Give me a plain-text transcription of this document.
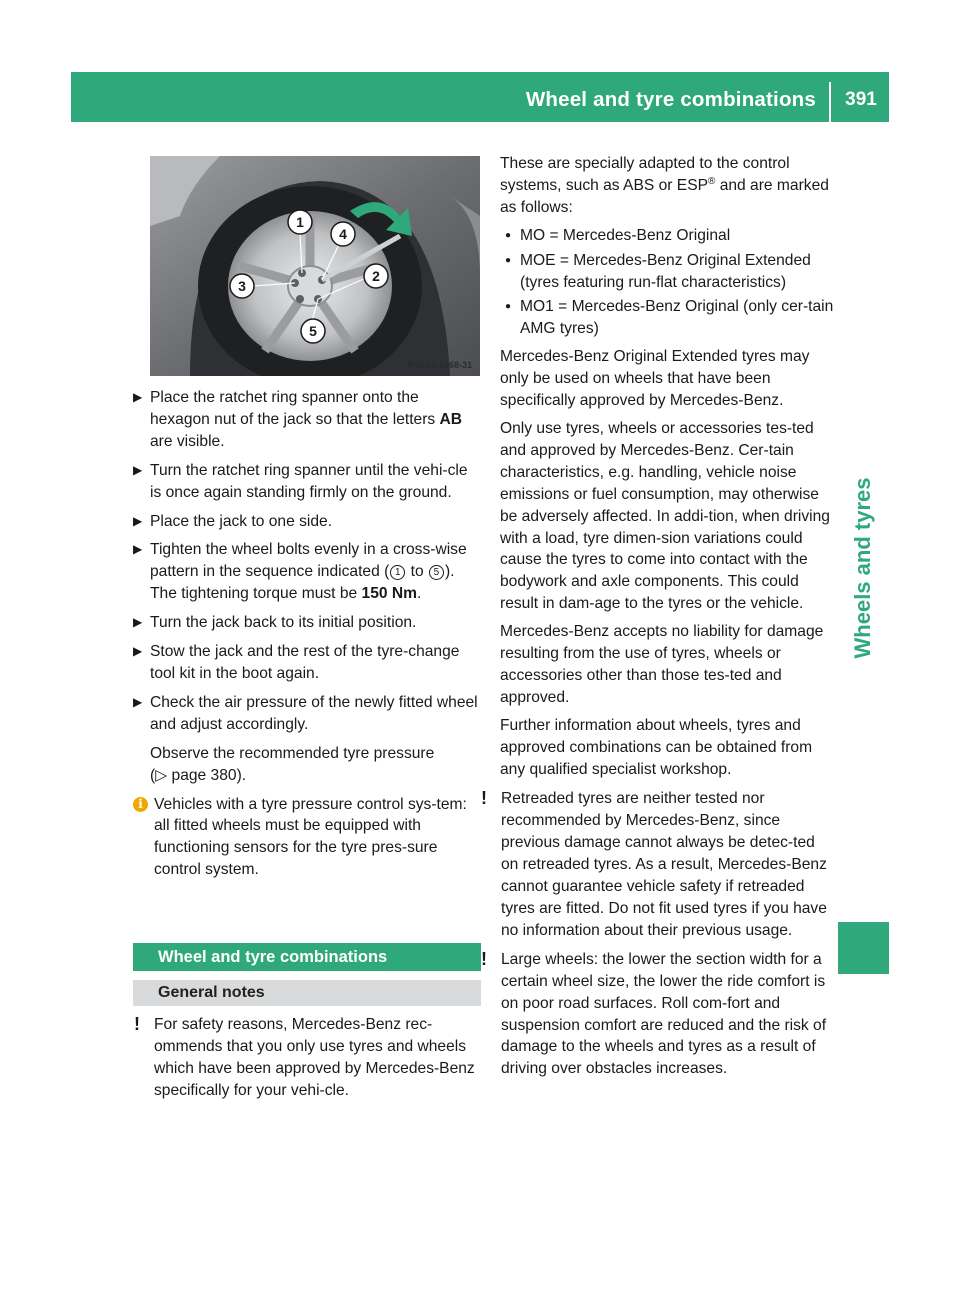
Wheel and tyre combinations	391
Wheels and tyres
1
4
2
3
5
P40.10-6468-31
▶ Place the ratchet ring spanner onto the hexagon nut of the jack so that the letters AB are visible.
▶ Turn the ratchet ring spanner until the vehi-cle is once again standing firmly on the ground.
▶ Place the jack to one side.
▶ Tighten the wheel bolts evenly in a cross-wise pattern in the sequence indicated ( 1 to 5 ). The tightening torque must be 150 Nm.
▶ Turn the jack back to its initial position.
▶ Stow the jack and the rest of the tyre-change tool kit in the boot again.
▶ Check the air pressure of the newly fitted wheel and adjust accordingly.
Observe the recommended tyre pressure
(▷ page 380).
i Vehicles with a tyre pressure control sys-tem: all fitted wheels must be equipped with functioning sensors for the tyre pres-sure control system.
Wheel and tyre combinations
General notes
! For safety reasons, Mercedes-Benz rec-ommends that you only use tyres and wheels which have been approved by Mercedes-Benz specifically for your vehi-cle.

These are specially adapted to the control systems, such as ABS or ESP® and are marked as follows:

● MO = Mercedes-Benz Original
● MOE = Mercedes-Benz Original Extended (tyres featuring run-flat characteristics)
● MO1 = Mercedes-Benz Original (only cer-tain AMG tyres)

Mercedes-Benz Original Extended tyres may only be used on wheels that have been specifically approved by Mercedes-Benz.

Only use tyres, wheels or accessories tes-ted and approved by Mercedes-Benz. Cer-tain characteristics, e.g. handling, vehicle noise emissions or fuel consumption, may otherwise be adversely affected. In addi-tion, when driving with a load, tyre dimen-sion variations could cause the tyres to come into contact with the bodywork and axle components. This could result in dam-age to the tyres or the vehicle.

Mercedes-Benz accepts no liability for damage resulting from the use of tyres, wheels or accessories other than those tes-ted and approved.

Further information about wheels, tyres and approved combinations can be obtained from any qualified specialist workshop.

! Retreaded tyres are neither tested nor recommended by Mercedes-Benz, since previous damage cannot always be detec-ted on retreaded tyres. As a result, Mercedes-Benz cannot guarantee vehicle safety if retreaded tyres are fitted. Do not fit used tyres if you have no information about their previous usage.
! Large wheels: the lower the section width for a certain wheel size, the lower the ride comfort is on poor road surfaces. Roll com-fort and suspension comfort are reduced and the risk of damage to the wheels and tyres as a result of driving over obstacles increases.
